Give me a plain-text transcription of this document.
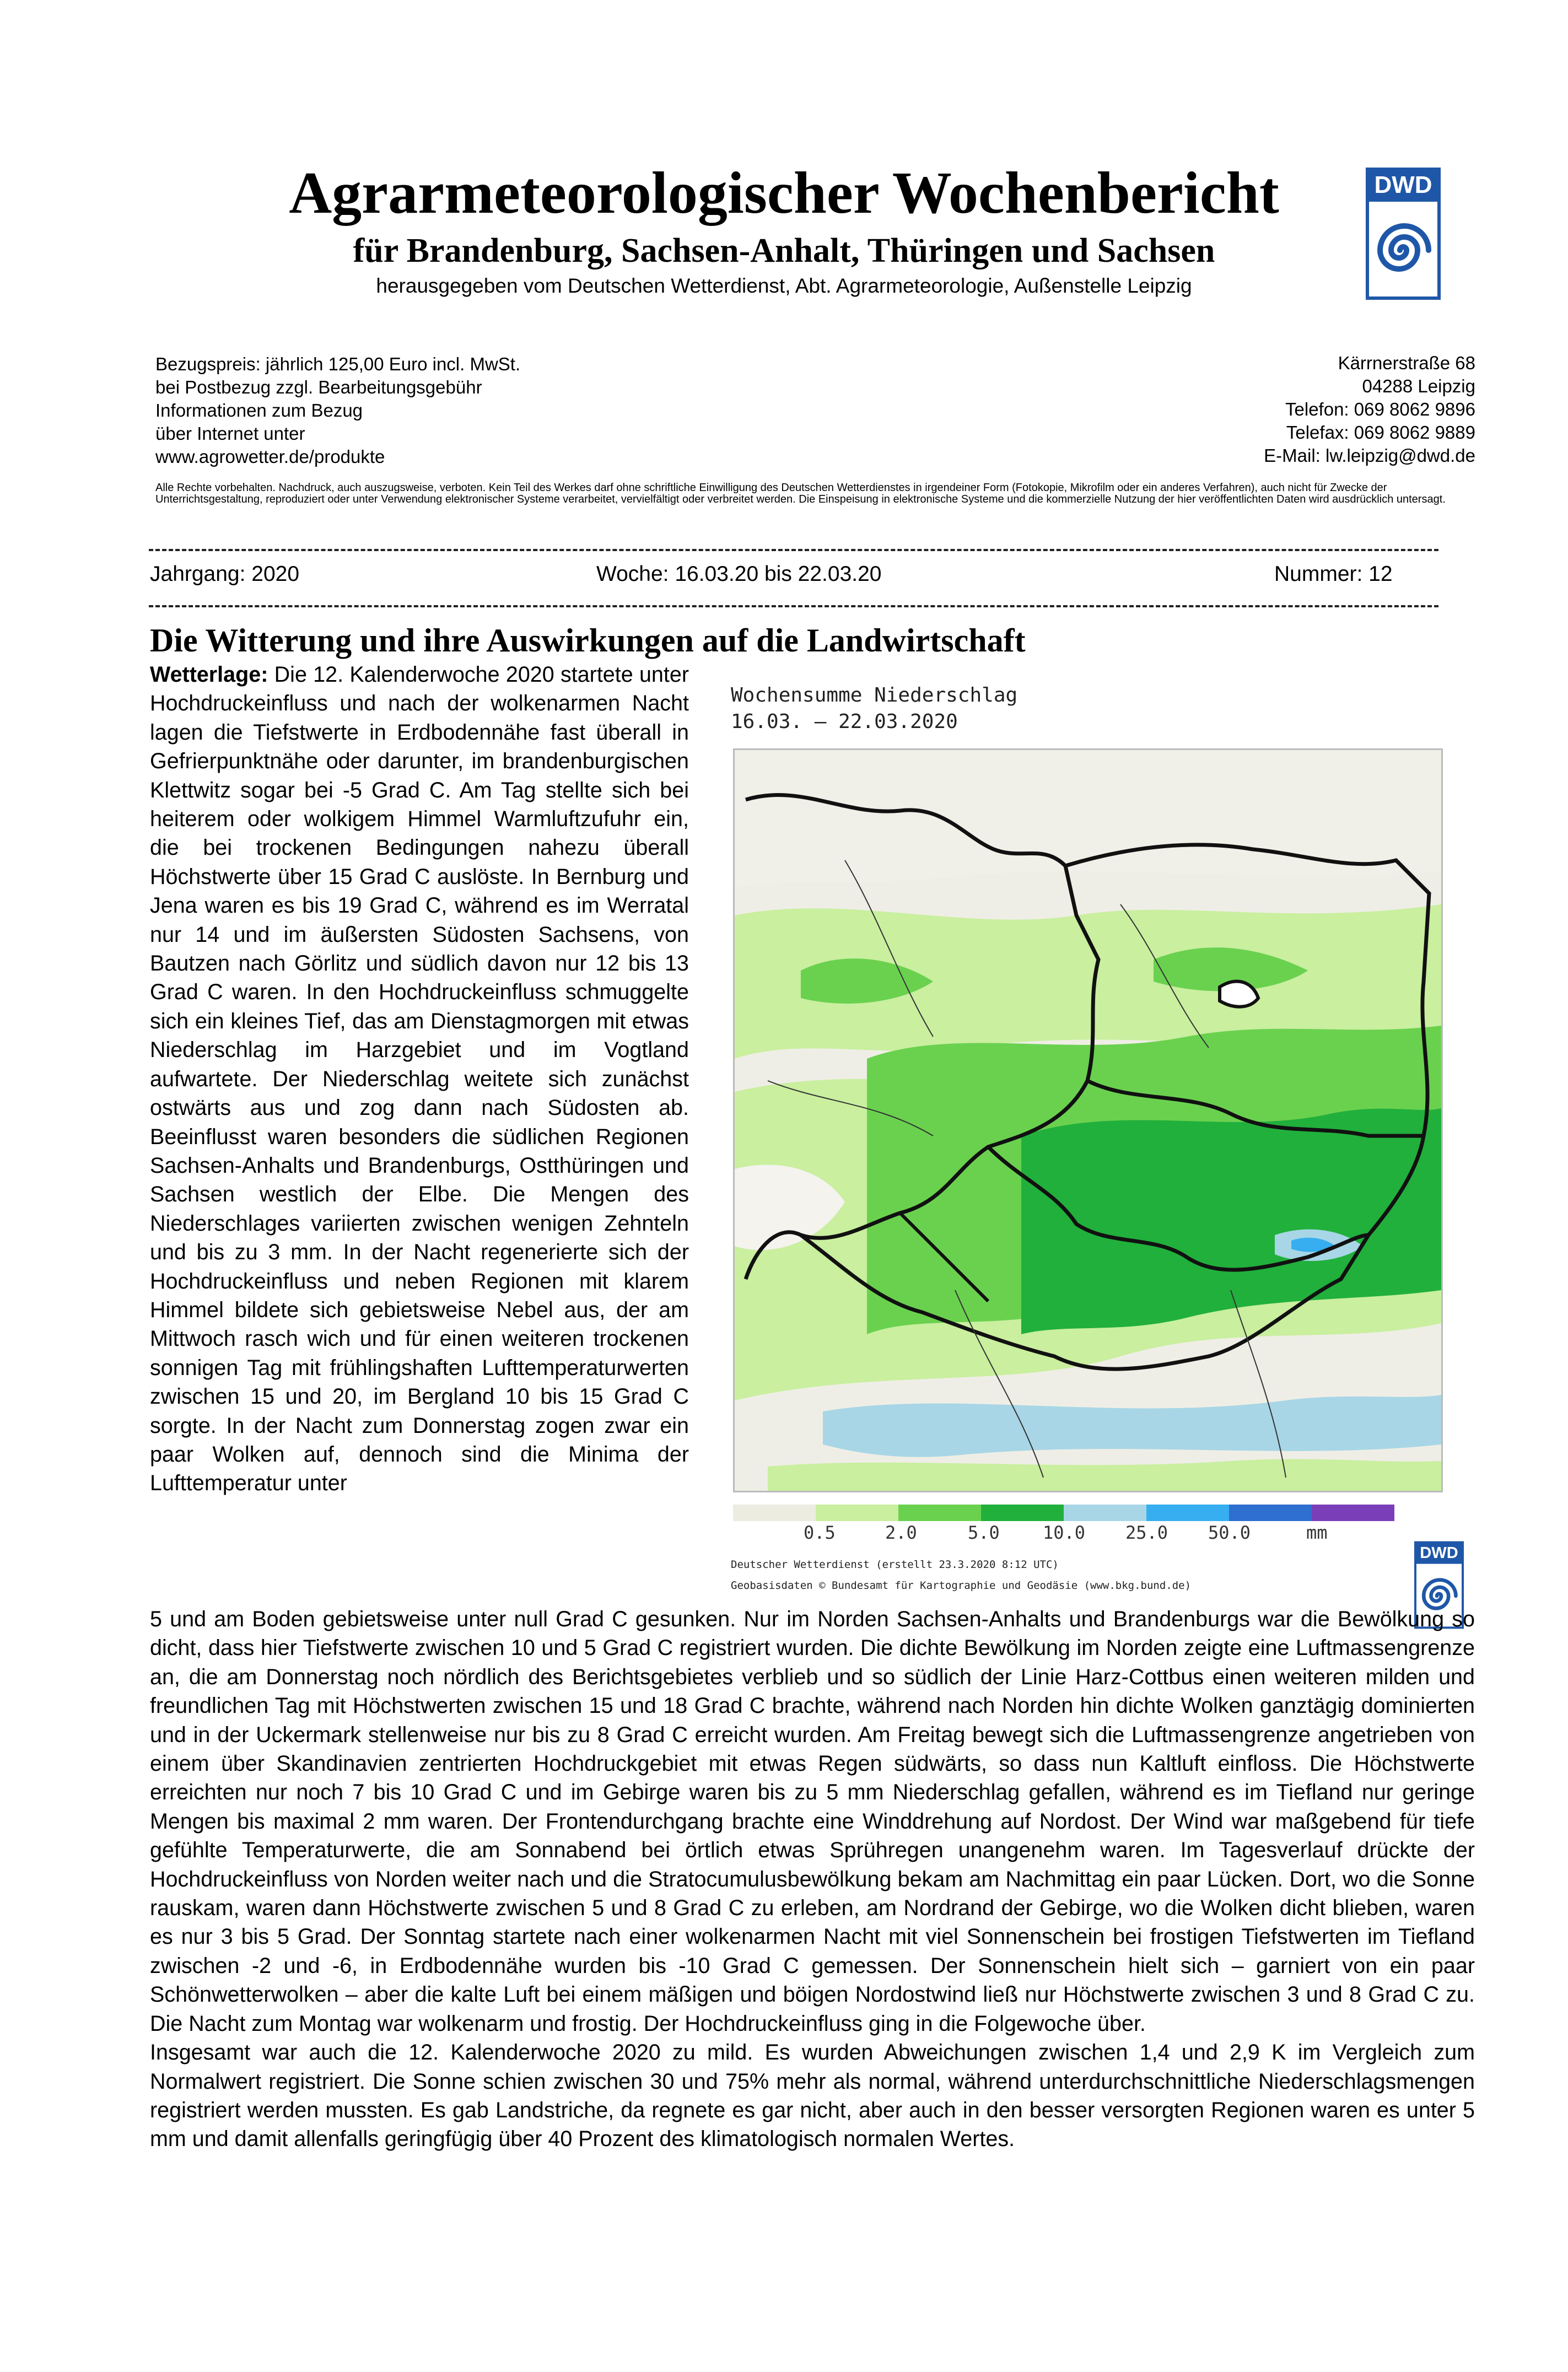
Agrarmeteorologischer Wochenbericht
für Brandenburg, Sachsen-Anhalt, Thüringen und Sachsen
herausgegeben vom Deutschen Wetterdienst, Abt. Agrarmeteorologie, Außenstelle Leipzig
DWD
Bezugspreis: jährlich 125,00 Euro incl. MwSt.
bei Postbezug zzgl. Bearbeitungsgebühr
Informationen zum Bezug
über Internet unter
www.agrowetter.de/produkte
Kärrnerstraße 68
04288 Leipzig
Telefon: 069 8062 9896
Telefax: 069 8062 9889
E-Mail: lw.leipzig@dwd.de
Alle Rechte vorbehalten. Nachdruck, auch auszugsweise, verboten. Kein Teil des Werkes darf ohne schriftliche Einwilligung des Deutschen Wetterdienstes in irgendeiner Form (Fotokopie, Mikrofilm oder ein anderes Verfahren), auch nicht für Zwecke der Unterrichtsgestaltung, reproduziert oder unter Verwendung elektronischer Systeme verarbeitet, vervielfältigt oder verbreitet werden. Die Einspeisung in elektronische Systeme und die kommerzielle Nutzung der hier veröffentlichten Daten wird ausdrücklich untersagt.
Jahrgang: 2020	Woche: 16.03.20 bis 22.03.20	Nummer: 12
Die Witterung und ihre Auswirkungen auf die Landwirtschaft

Wetterlage: Die 12. Kalenderwoche 2020 startete unter Hochdruckeinfluss und nach der wolkenarmen Nacht lagen die Tiefstwerte in Erdbodennähe fast überall in Gefrierpunktnähe oder darunter, im brandenburgischen Klettwitz sogar bei -5 Grad C. Am Tag stellte sich bei heiterem oder wolkigem Himmel Warmluftzufuhr ein, die bei trockenen Bedingungen nahezu überall Höchstwerte über 15 Grad C auslöste. In Bernburg und Jena waren es bis 19 Grad C, während es im Werratal nur 14 und im äußersten Südosten Sachsens, von Bautzen nach Görlitz und südlich davon nur 12 bis 13 Grad C waren. In den Hochdruckeinfluss schmuggelte sich ein kleines Tief, das am Dienstagmorgen mit etwas Niederschlag im Harzgebiet und im Vogtland aufwartete. Der Niederschlag weitete sich zunächst ostwärts aus und zog dann nach Südosten ab. Beeinflusst waren besonders die südlichen Regionen Sachsen-Anhalts und Brandenburgs, Ostthüringen und Sachsen westlich der Elbe. Die Mengen des Niederschlages variierten zwischen wenigen Zehnteln und bis zu 3 mm. In der Nacht regenerierte sich der Hochdruckeinfluss und neben Regionen mit klarem Himmel bildete sich gebietsweise Nebel aus, der am Mittwoch rasch wich und für einen weiteren trockenen sonnigen Tag mit frühlingshaften Lufttemperaturwerten zwischen 15 und 20, im Bergland 10 bis 15 Grad C sorgte. In der Nacht zum Donnerstag zogen zwar ein paar Wolken auf, dennoch sind die Minima der Lufttemperatur unter

Wochensumme Niederschlag
16.03. – 22.03.2020
0.5	2.0	5.0 10.0 25.0 50.0	mm
Deutscher Wetterdienst (erstellt 23.3.2020 8:12 UTC)
Geobasisdaten © Bundesamt für Kartographie und Geodäsie (www.bkg.bund.de)
DWD

5 und am Boden gebietsweise unter null Grad C gesunken. Nur im Norden Sachsen-Anhalts und Brandenburgs war die Bewölkung so dicht, dass hier Tiefstwerte zwischen 10 und 5 Grad C registriert wurden. Die dichte Bewölkung im Norden zeigte eine Luftmassengrenze an, die am Donnerstag noch nördlich des Berichtsgebietes verblieb und so südlich der Linie Harz-Cottbus einen weiteren milden und freundlichen Tag mit Höchstwerten zwischen 15 und 18 Grad C brachte, während nach Norden hin dichte Wolken ganztägig dominierten und in der Uckermark stellenweise nur bis zu 8 Grad C erreicht wurden. Am Freitag bewegt sich die Luftmassengrenze angetrieben von einem über Skandinavien zentrierten Hochdruckgebiet mit etwas Regen südwärts, so dass nun Kaltluft einfloss. Die Höchstwerte erreichten nur noch 7 bis 10 Grad C und im Gebirge waren bis zu 5 mm Niederschlag gefallen, während es im Tiefland nur geringe Mengen bis maximal 2 mm waren. Der Frontendurchgang brachte eine Winddrehung auf Nordost. Der Wind war maßgebend für tiefe gefühlte Temperaturwerte, die am Sonnabend bei örtlich etwas Sprühregen unangenehm waren. Im Tagesverlauf drückte der Hochdruckeinfluss von Norden weiter nach und die Stratocumulusbewölkung bekam am Nachmittag ein paar Lücken. Dort, wo die Sonne rauskam, waren dann Höchstwerte zwischen 5 und 8 Grad C zu erleben, am Nordrand der Gebirge, wo die Wolken dicht blieben, waren es nur 3 bis 5 Grad. Der Sonntag startete nach einer wolkenarmen Nacht mit viel Sonnenschein bei frostigen Tiefstwerten im Tiefland zwischen -2 und -6, in Erdbodennähe wurden bis -10 Grad C gemessen. Der Sonnenschein hielt sich – garniert von ein paar Schönwetterwolken – aber die kalte Luft bei einem mäßigen und böigen Nordostwind ließ nur Höchstwerte zwischen 3 und 8 Grad C zu. Die Nacht zum Montag war wolkenarm und frostig. Der Hochdruckeinfluss ging in die Folgewoche über.

Insgesamt war auch die 12. Kalenderwoche 2020 zu mild. Es wurden Abweichungen zwischen 1,4 und 2,9 K im Vergleich zum Normalwert registriert. Die Sonne schien zwischen 30 und 75% mehr als normal, während unterdurchschnittliche Niederschlagsmengen registriert werden mussten. Es gab Landstriche, da regnete es gar nicht, aber auch in den besser versorgten Regionen waren es unter 5 mm und damit allenfalls geringfügig über 40 Prozent des klimatologisch normalen Wertes.
